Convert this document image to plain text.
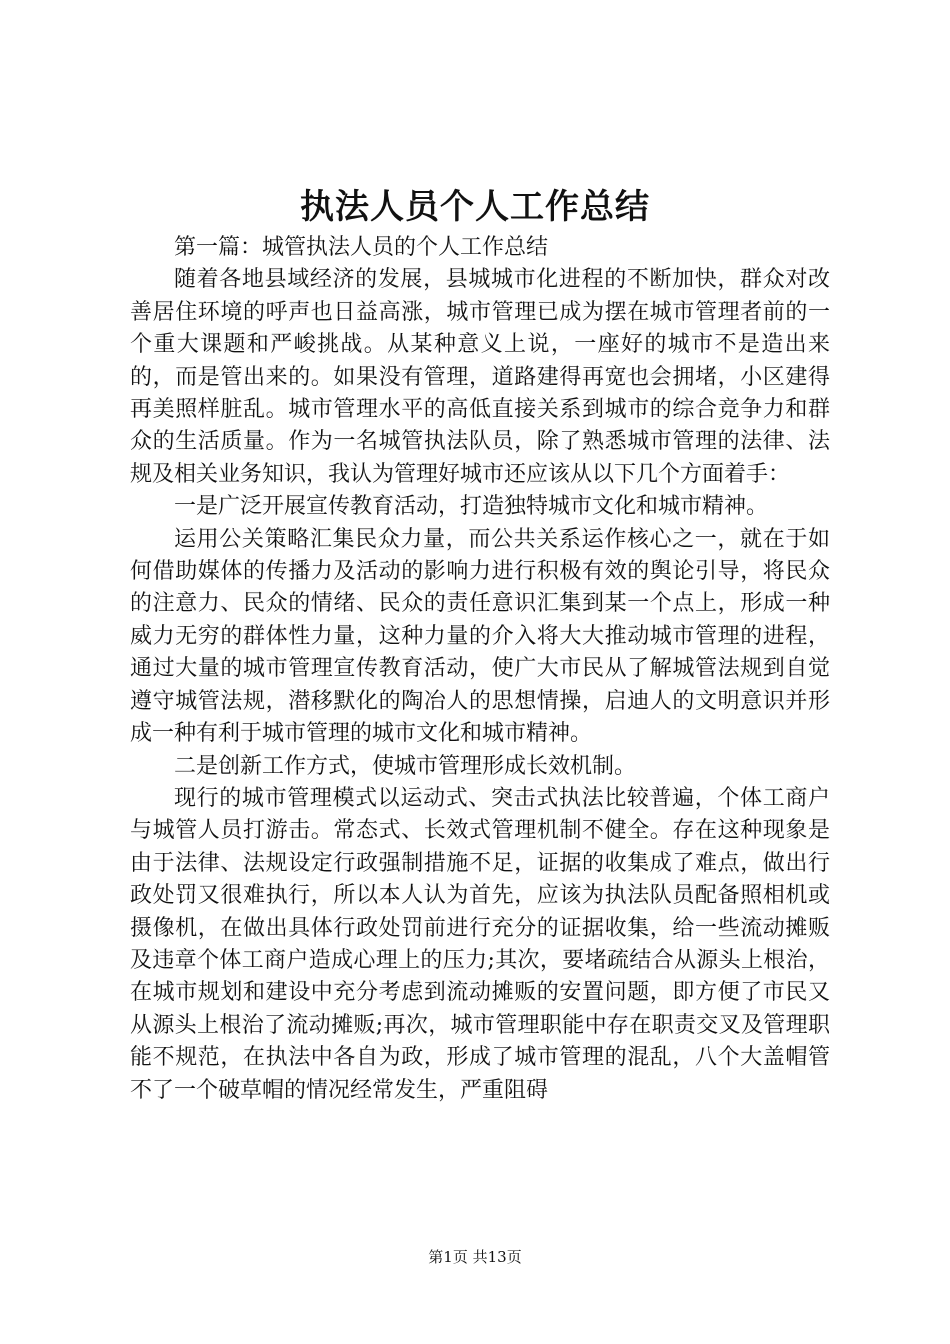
执法人员个人工作总结

第一篇：城管执法人员的个人工作总结

随着各地县域经济的发展，县城城市化进程的不断加快，群众对改善居住环境的呼声也日益高涨，城市管理已成为摆在城市管理者前的一个重大课题和严峻挑战。从某种意义上说，一座好的城市不是造出来的，而是管出来的。如果没有管理，道路建得再宽也会拥堵，小区建得再美照样脏乱。城市管理水平的高低直接关系到城市的综合竞争力和群众的生活质量。作为一名城管执法队员，除了熟悉城市管理的法律、法规及相关业务知识，我认为管理好城市还应该从以下几个方面着手：

一是广泛开展宣传教育活动，打造独特城市文化和城市精神。

运用公关策略汇集民众力量，而公共关系运作核心之一，就在于如何借助媒体的传播力及活动的影响力进行积极有效的舆论引导，将民众的注意力、民众的情绪、民众的责任意识汇集到某一个点上，形成一种威力无穷的群体性力量，这种力量的介入将大大推动城市管理的进程，通过大量的城市管理宣传教育活动，使广大市民从了解城管法规到自觉遵守城管法规，潜移默化的陶冶人的思想情操，启迪人的文明意识并形成一种有利于城市管理的城市文化和城市精神。

二是创新工作方式，使城市管理形成长效机制。

现行的城市管理模式以运动式、突击式执法比较普遍，个体工商户与城管人员打游击。常态式、长效式管理机制不健全。存在这种现象是由于法律、法规设定行政强制措施不足，证据的收集成了难点，做出行政处罚又很难执行，所以本人认为首先，应该为执法队员配备照相机或摄像机，在做出具体行政处罚前进行充分的证据收集，给一些流动摊贩及违章个体工商户造成心理上的压力;其次，要堵疏结合从源头上根治，在城市规划和建设中充分考虑到流动摊贩的安置问题，即方便了市民又从源头上根治了流动摊贩;再次，城市管理职能中存在职责交叉及管理职能不规范，在执法中各自为政，形成了城市管理的混乱，八个大盖帽管不了一个破草帽的情况经常发生，严重阻碍

第1页 共13页
